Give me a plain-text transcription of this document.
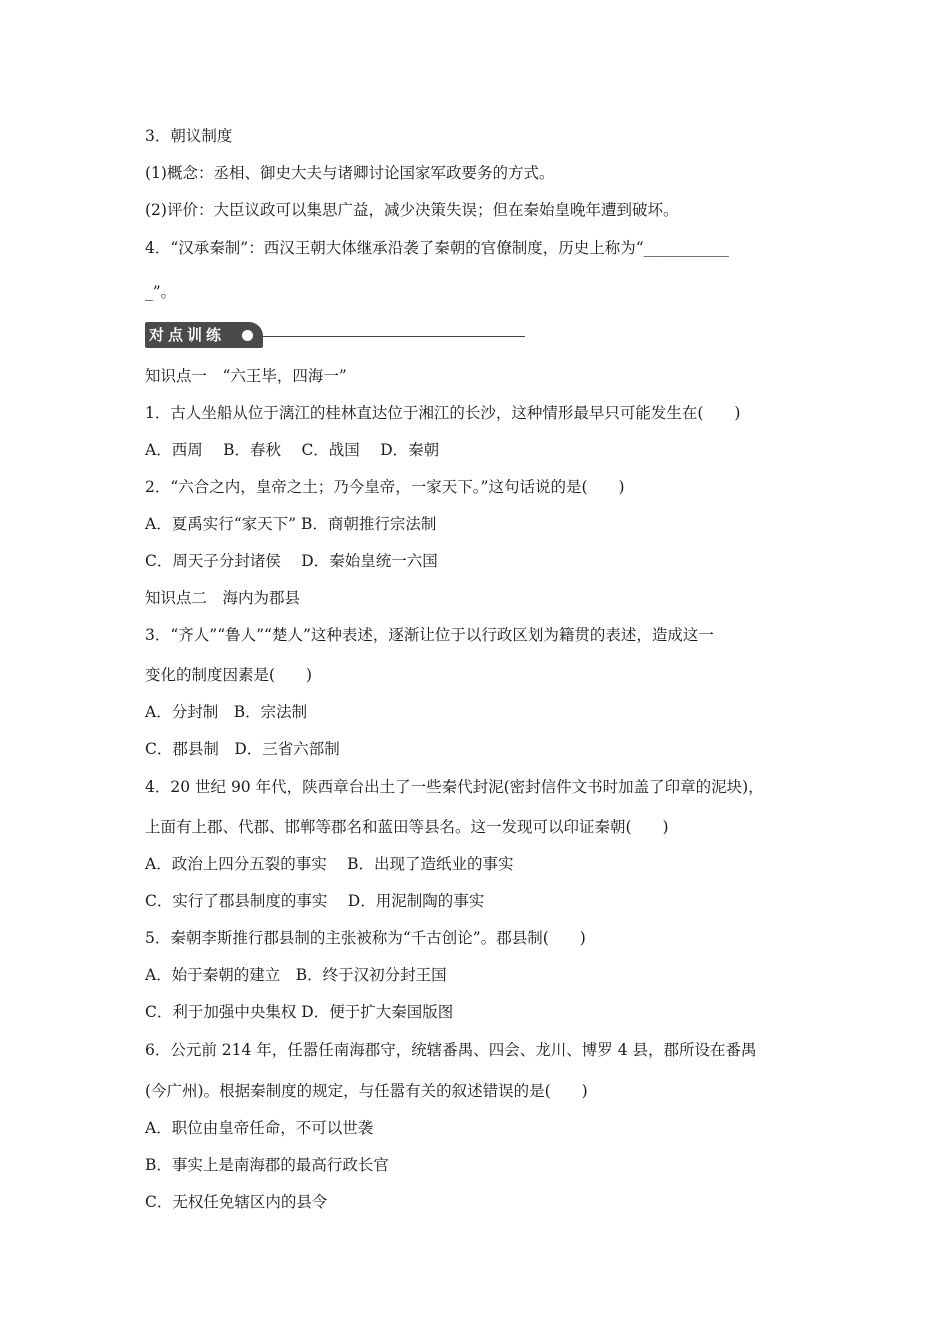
3．朝议制度
(1)概念：丞相、御史大夫与诸卿讨论国家军政要务的方式。
(2)评价：大臣议政可以集思广益，减少决策失误；但在秦始皇晚年遭到破坏。
4．“汉承秦制”：西汉王朝大体继承沿袭了秦朝的官僚制度，历史上称为“___________
_”。
对点训练
知识点一　“六王毕，四海一”
1．古人坐船从位于漓江的桂林直达位于湘江的长沙，这种情形最早只可能发生在(　　)
A．西周　 B．春秋　 C．战国　 D．秦朝
2．“六合之内，皇帝之土；乃今皇帝，一家天下。”这句话说的是(　　)
A．夏禹实行“家天下” B．商朝推行宗法制
C．周天子分封诸侯　 D．秦始皇统一六国
知识点二　海内为郡县
3．“齐人”“鲁人”“楚人”这种表述，逐渐让位于以行政区划为籍贯的表述，造成这一
变化的制度因素是(　　)
A．分封制　B．宗法制
C．郡县制　D．三省六部制
4．20 世纪 90 年代，陕西章台出土了一些秦代封泥(密封信件文书时加盖了印章的泥块)，
上面有上郡、代郡、邯郸等郡名和蓝田等县名。这一发现可以印证秦朝(　　)
A．政治上四分五裂的事实　 B．出现了造纸业的事实
C．实行了郡县制度的事实　 D．用泥制陶的事实
5．秦朝李斯推行郡县制的主张被称为“千古创论”。郡县制(　　)
A．始于秦朝的建立　B．终于汉初分封王国
C．利于加强中央集权 D．便于扩大秦国版图
6．公元前 214 年，任嚣任南海郡守，统辖番禺、四会、龙川、博罗 4 县，郡所设在番禺
(今广州)。根据秦制度的规定，与任嚣有关的叙述错误的是(　　)
A．职位由皇帝任命，不可以世袭
B．事实上是南海郡的最高行政长官
C．无权任免辖区内的县令
